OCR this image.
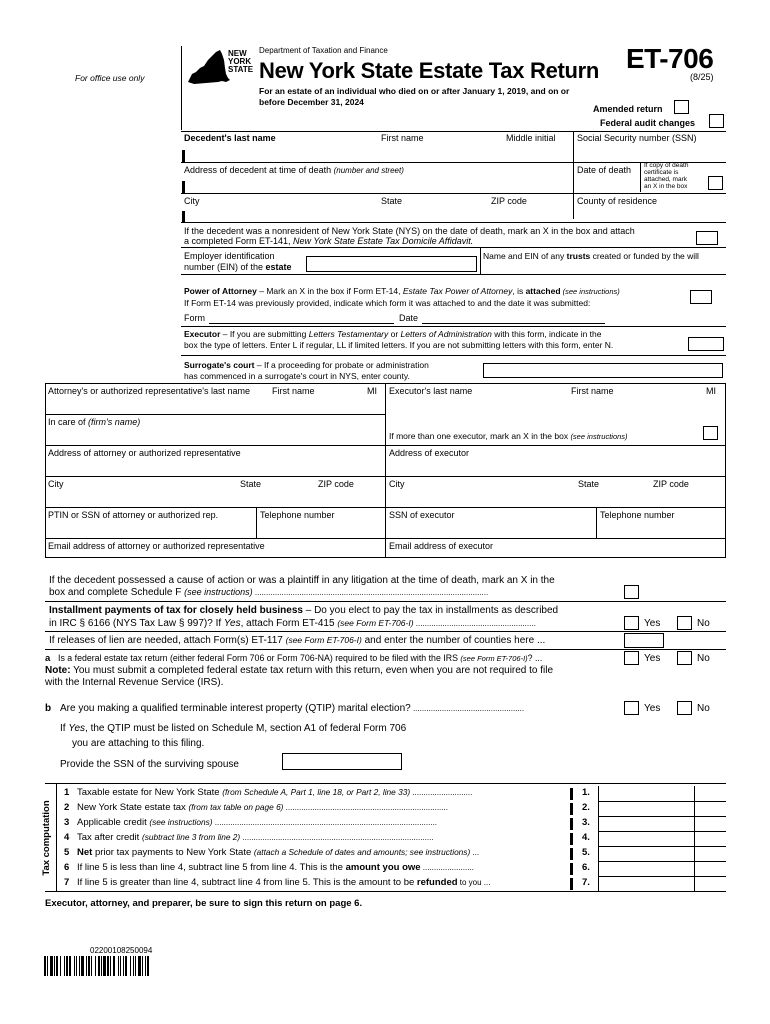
For office use only
NEW
YORK
STATE
Department of Taxation and Finance
New York State Estate Tax Return ET-706
(8/25)
For an estate of an individual who died on or after January 1, 2019, and on or
before December 31, 2024
Amended return
Federal audit changes
Decedent's last name	First name	Middle initial Social Security number (SSN)
Address of decedent at time of death (number and street)	Date of death If copy of death
certificate is
attached, mark
an X in the box
City	State	ZIP code	County of residence
If the decedent was a nonresident of New York State (NYS) on the date of death, mark an X in the box and attach
a completed Form ET-141, New York State Estate Tax Domicile Affidavit.
Employer identification
number (EIN) of the estate
Name and EIN of any trusts created or funded by the will
Power of Attorney – Mark an X in the box if Form ET-14, Estate Tax Power of Attorney, is attached (see instructions)
If Form ET-14 was previously provided, indicate which form it was attached to and the date it was submitted:
Form	Date
Executor – If you are submitting Letters Testamentary or Letters of Administration with this form, indicate in the
box the type of letters. Enter L if regular, LL if limited letters. If you are not submitting letters with this form, enter N.
Surrogate's court – If a proceeding for probate or administration
has commenced in a surrogate's court in NYS, enter county.
Attorney's or authorized representative's last name First name	MI Executor's last name	First name	MI
In care of (firm's name)
If more than one executor, mark an X in the box (see instructions)
Address of attorney or authorized representative	Address of executor
City	State	ZIP code	City	State	ZIP code
PTIN or SSN of attorney or authorized rep.	Telephone number	SSN of executor	Telephone number
Email address of attorney or authorized representative	Email address of executor
If the decedent possessed a cause of action or was a plaintiff in any litigation at the time of death, mark an X in the
box and complete Schedule F (see instructions) .........................................................................................................
Installment payments of tax for closely held business – Do you elect to pay the tax in installments as described
in IRC § 6166 (NYS Tax Law § 997)? If Yes, attach Form ET-415 (see Form ET-706-I) ......................................................	Yes	No
If releases of lien are needed, attach Form(s) ET-117 (see Form ET-706-I) and enter the number of counties here ...
a Is a federal estate tax return (either federal Form 706 or Form 706-NA) required to be filed with the IRS (see Form ET-706-I)? ...	Yes	No
Note: You must submit a completed federal estate tax return with this return, even when you are not required to file
with the Internal Revenue Service (IRS).
b Are you making a qualified terminable interest property (QTIP) marital election? ..................................................	Yes	No
If Yes, the QTIP must be listed on Schedule M, section A1 of federal Form 706
you are attaching to this filing.
Provide the SSN of the surviving spouse
Tax computation
1 Taxable estate for New York State (from Schedule A, Part 1, line 18, or Part 2, line 33) ...........................	1.
2 New York State estate tax (from tax table on page 6) .........................................................................	2.
3 Applicable credit (see instructions) ....................................................................................................	3.
4 Tax after credit (subtract line 3 from line 2) ......................................................................................	4.
5 Net prior tax payments to New York State (attach a Schedule of dates and amounts; see instructions) ...	5.
6 If line 5 is less than line 4, subtract line 5 from line 4. This is the amount you owe .......................	6.
7 If line 5 is greater than line 4, subtract line 4 from line 5. This is the amount to be refunded to you ...	7.
Executor, attorney, and preparer, be sure to sign this return on page 6.
02200108250094
